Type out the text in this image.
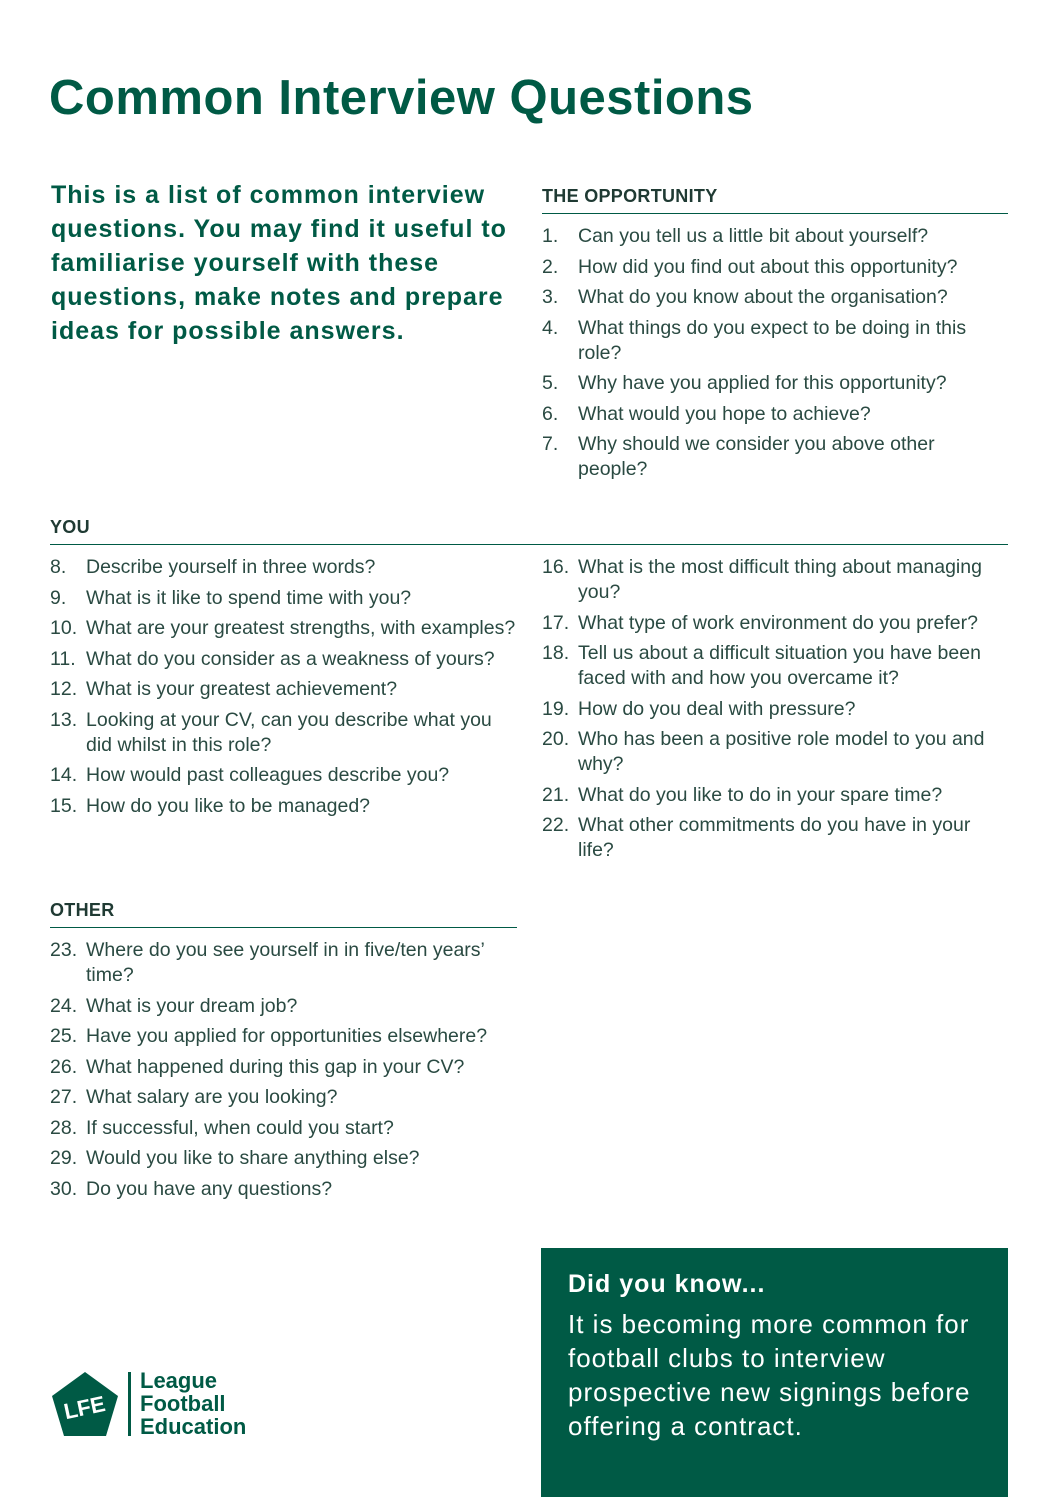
Common Interview Questions

This is a list of common interview questions. You may find it useful to familiarise yourself with these questions, make notes and prepare ideas for possible answers.

THE OPPORTUNITY
1. Can you tell us a little bit about yourself?
2. How did you find out about this opportunity?
3. What do you know about the organisation?
4. What things do you expect to be doing in this role?
5. Why have you applied for this opportunity?
6. What would you hope to achieve?
7. Why should we consider you above other people?
YOU
8. Describe yourself in three words?
9. What is it like to spend time with you?
10. What are your greatest strengths, with examples?
11. What do you consider as a weakness of yours?
12. What is your greatest achievement?
13. Looking at your CV, can you describe what you did whilst in this role?
14. How would past colleagues describe you?
15. How do you like to be managed?
16. What is the most difficult thing about managing you?
17. What type of work environment do you prefer?
18. Tell us about a difficult situation you have been faced with and how you overcame it?
19. How do you deal with pressure?
20. Who has been a positive role model to you and why?
21. What do you like to do in your spare time?
22. What other commitments do you have in your life?
OTHER
23. Where do you see yourself in in five/ten years’ time?
24. What is your dream job?
25. Have you applied for opportunities elsewhere?
26. What happened during this gap in your CV?
27. What salary are you looking?
28. If successful, when could you start?
29. Would you like to share anything else?
30. Do you have any questions?
LFE
League
Football
Education
Did you know...
It is becoming more common for football clubs to interview prospective new signings before offering a contract.
